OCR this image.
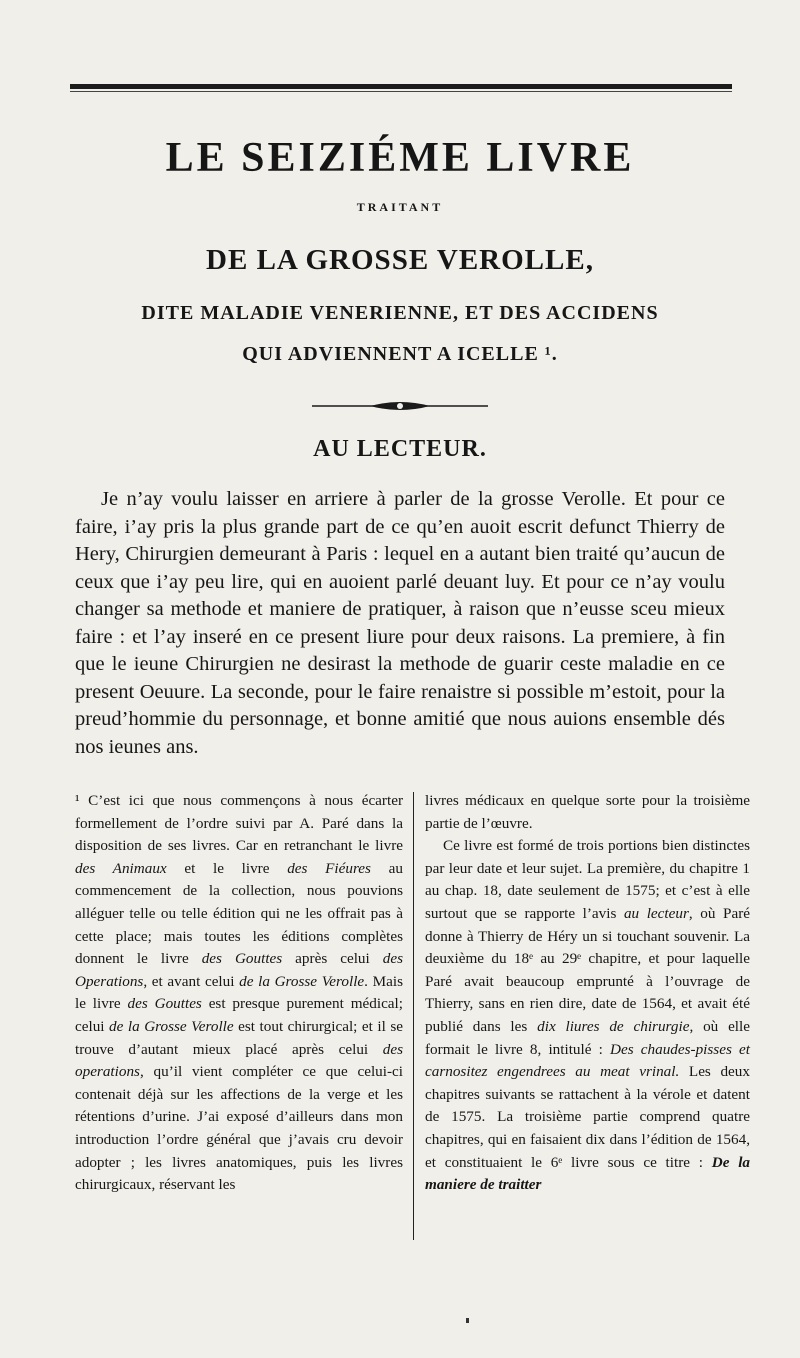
LE SEIZIÉME LIVRE
TRAITANT
DE LA GROSSE VEROLLE,
DITE MALADIE VENERIENNE, ET DES ACCIDENS
QUI ADVIENNENT A ICELLE ¹.
AU LECTEUR.

Je n’ay voulu laisser en arriere à parler de la grosse Verolle. Et pour ce faire, i’ay pris la plus grande part de ce qu’en auoit escrit defunct Thierry de Hery, Chirurgien demeurant à Paris : lequel en a autant bien traité qu’aucun de ceux que i’ay peu lire, qui en auoient parlé deuant luy. Et pour ce n’ay voulu changer sa methode et maniere de pratiquer, à raison que n’eusse sceu mieux faire : et l’ay inseré en ce present liure pour deux raisons. La premiere, à fin que le ieune Chirurgien ne desirast la methode de guarir ceste maladie en ce present Oeuure. La seconde, pour le faire renaistre si possible m’estoit, pour la preud’hommie du personnage, et bonne amitié que nous auions ensemble dés nos ieunes ans.

¹ C’est ici que nous commençons à nous écarter formellement de l’ordre suivi par A. Paré dans la disposition de ses livres. Car en retranchant le livre des Animaux et le livre des Fiéures au commencement de la collection, nous pouvions alléguer telle ou telle édition qui ne les offrait pas à cette place; mais toutes les éditions complètes donnent le livre des Gouttes après celui des Operations, et avant celui de la Grosse Verolle. Mais le livre des Gouttes est presque purement médical; celui de la Grosse Verolle est tout chirurgical; et il se trouve d’autant mieux placé après celui des operations, qu’il vient compléter ce que celui-ci contenait déjà sur les affections de la verge et les rétentions d’urine. J’ai exposé d’ailleurs dans mon introduction l’ordre général que j’avais cru devoir adopter ; les livres anatomiques, puis les livres chirurgicaux, réservant les

livres médicaux en quelque sorte pour la troisième partie de l’œuvre.

Ce livre est formé de trois portions bien distinctes par leur date et leur sujet. La première, du chapitre 1 au chap. 18, date seulement de 1575; et c’est à elle surtout que se rapporte l’avis au lecteur, où Paré donne à Thierry de Héry un si touchant souvenir. La deuxième du 18ᵉ au 29ᵉ chapitre, et pour laquelle Paré avait beaucoup emprunté à l’ouvrage de Thierry, sans en rien dire, date de 1564, et avait été publié dans les dix liures de chirurgie, où elle formait le livre 8, intitulé : Des chaudes-pisses et carnositez engendrees au meat vrinal. Les deux chapitres suivants se rattachent à la vérole et datent de 1575. La troisième partie comprend quatre chapitres, qui en faisaient dix dans l’édition de 1564, et constituaient le 6ᵉ livre sous ce titre : De la maniere de traitter
